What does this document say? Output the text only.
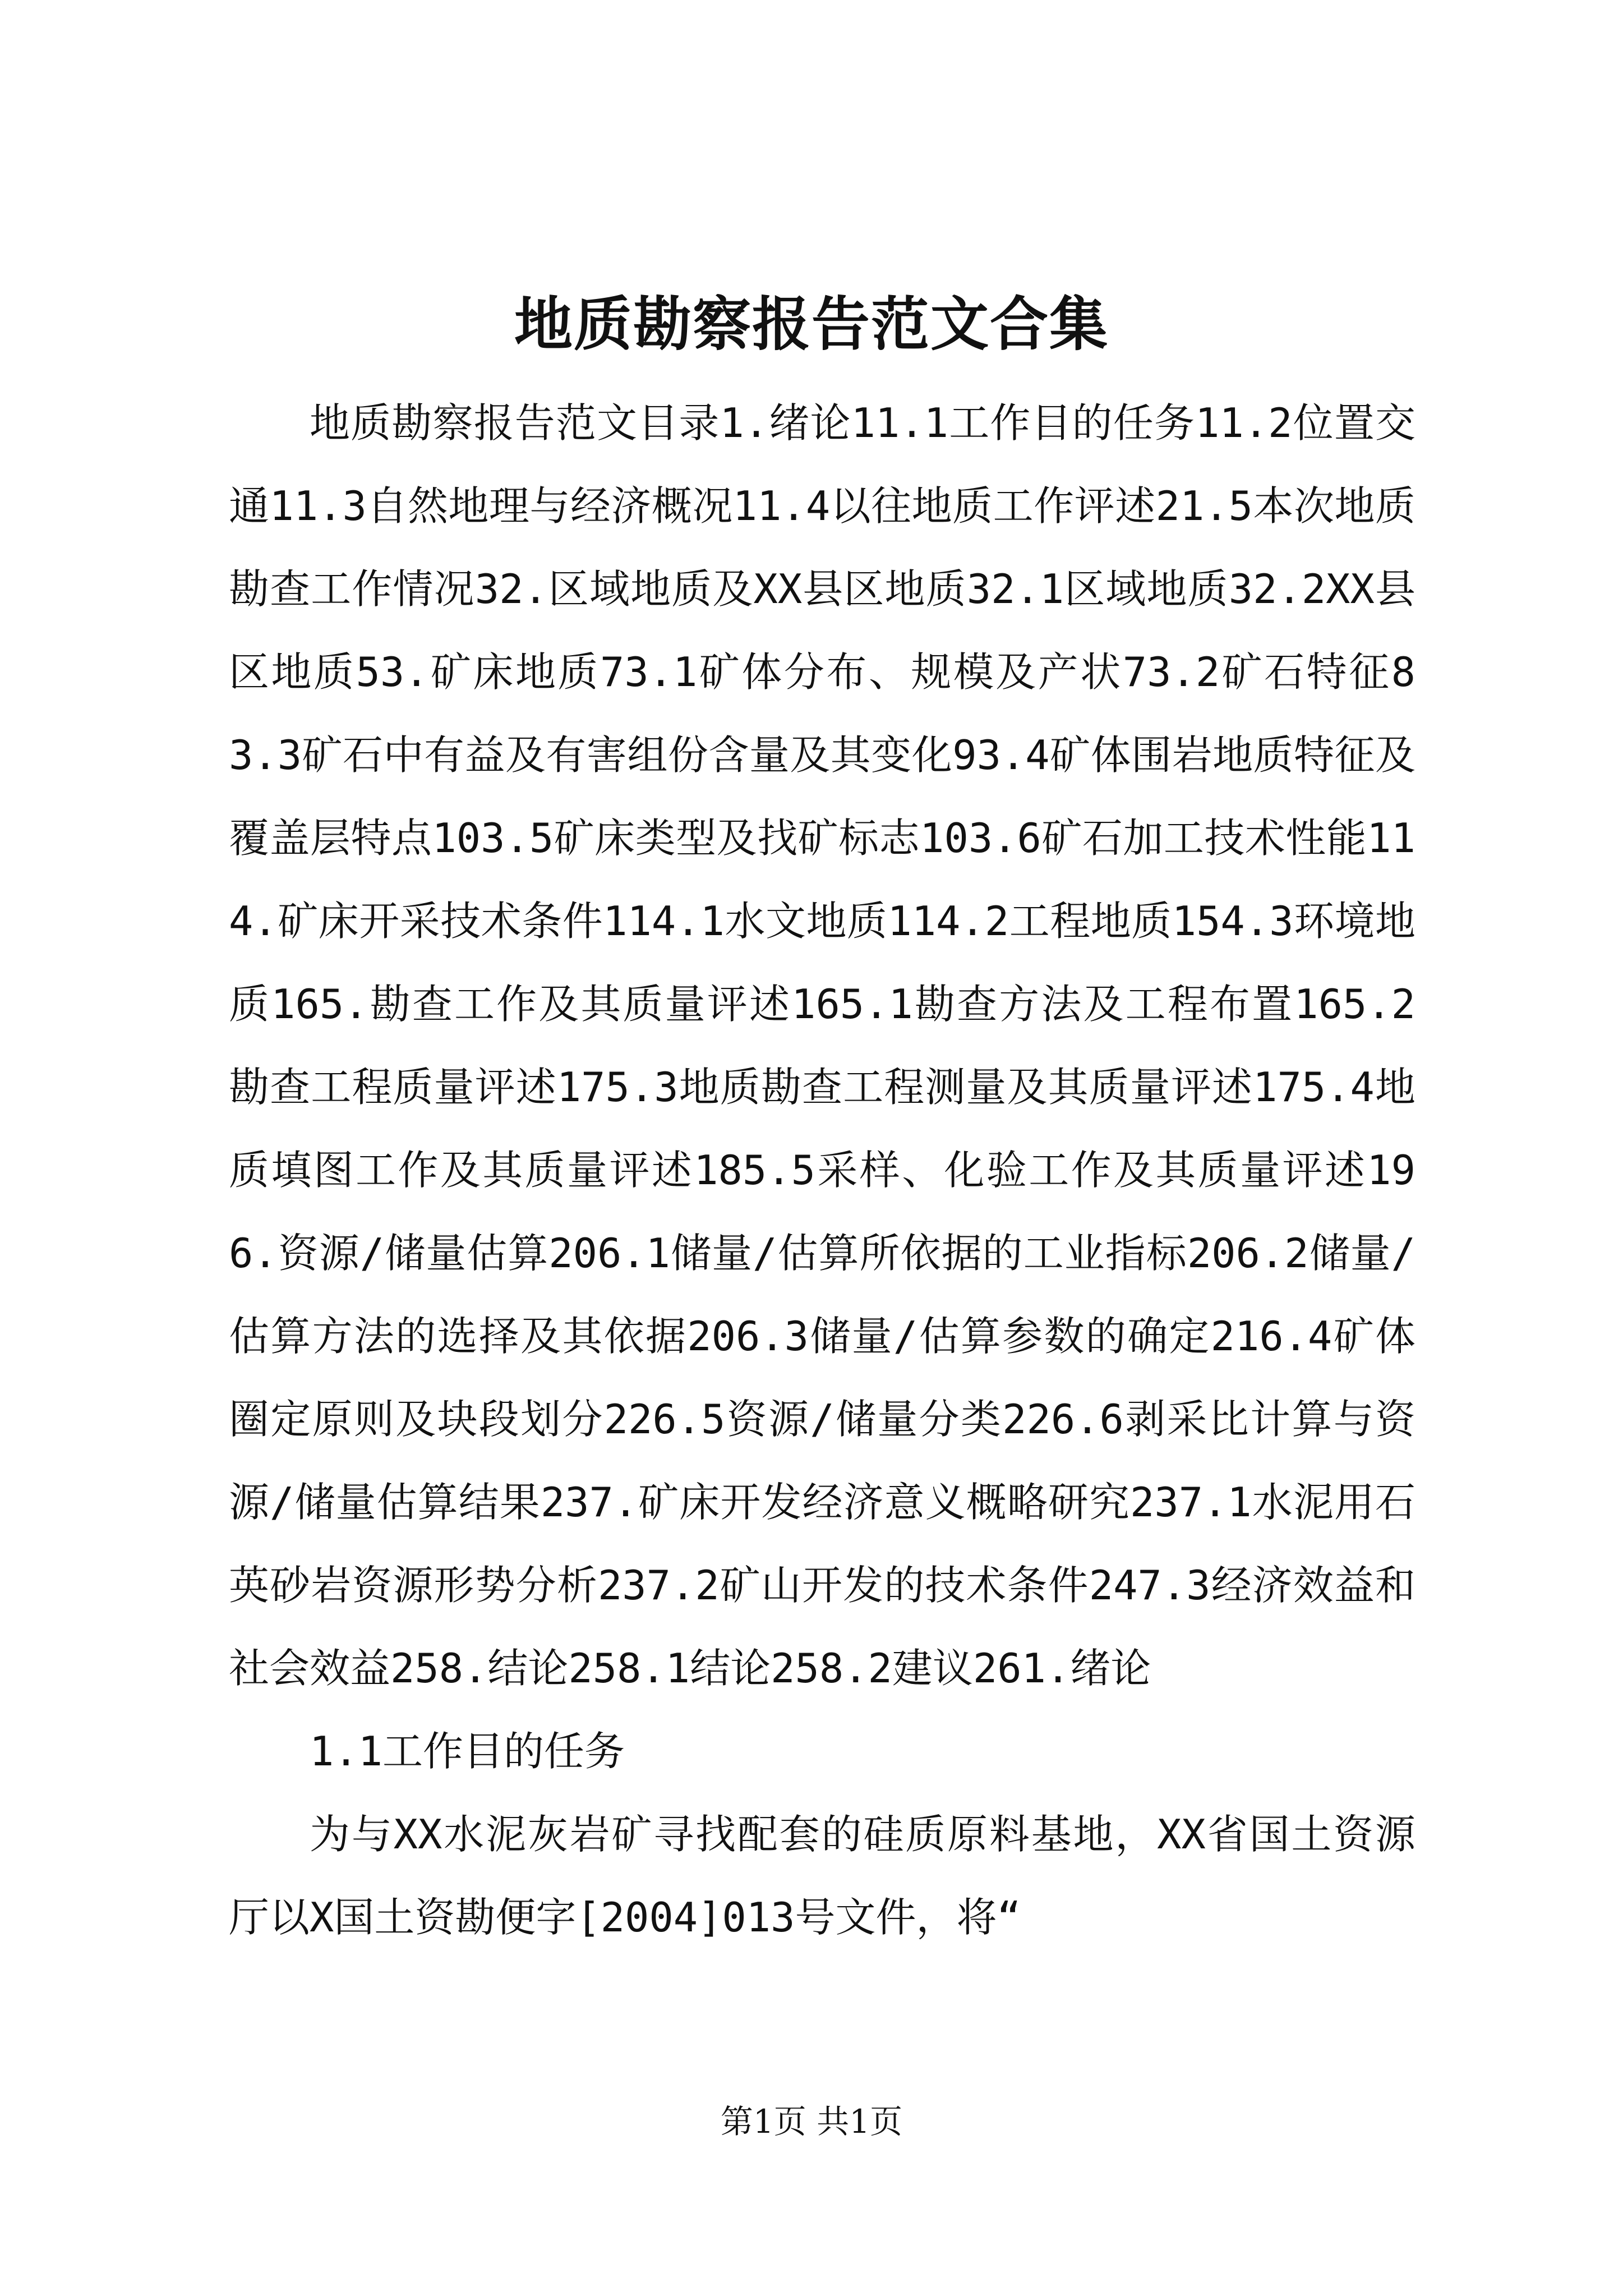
地质勘察报告范文合集

地质勘察报告范文目录1.绪论11.1工作目的任务11.2位置交通11.3自然地理与经济概况11.4以往地质工作评述21.5本次地质勘查工作情况32.区域地质及XX县区地质32.1区域地质32.2XX县区地质53.矿床地质73.1矿体分布、规模及产状73.2矿石特征83.3矿石中有益及有害组份含量及其变化93.4矿体围岩地质特征及覆盖层特点103.5矿床类型及找矿标志103.6矿石加工技术性能114.矿床开采技术条件114.1水文地质114.2工程地质154.3环境地质165.勘查工作及其质量评述165.1勘查方法及工程布置165.2勘查工程质量评述175.3地质勘查工程测量及其质量评述175.4地质填图工作及其质量评述185.5采样、化验工作及其质量评述196.资源/储量估算206.1储量/估算所依据的工业指标206.2储量/估算方法的选择及其依据206.3储量/估算参数的确定216.4矿体圈定原则及块段划分226.5资源/储量分类226.6剥采比计算与资源/储量估算结果237.矿床开发经济意义概略研究237.1水泥用石英砂岩资源形势分析237.2矿山开发的技术条件247.3经济效益和社会效益258.结论258.1结论258.2建议261.绪论

1.1工作目的任务

为与XX水泥灰岩矿寻找配套的硅质原料基地，XX省国土资源厅以X国土资勘便字[2004]013号文件，将“

第1页 共1页
